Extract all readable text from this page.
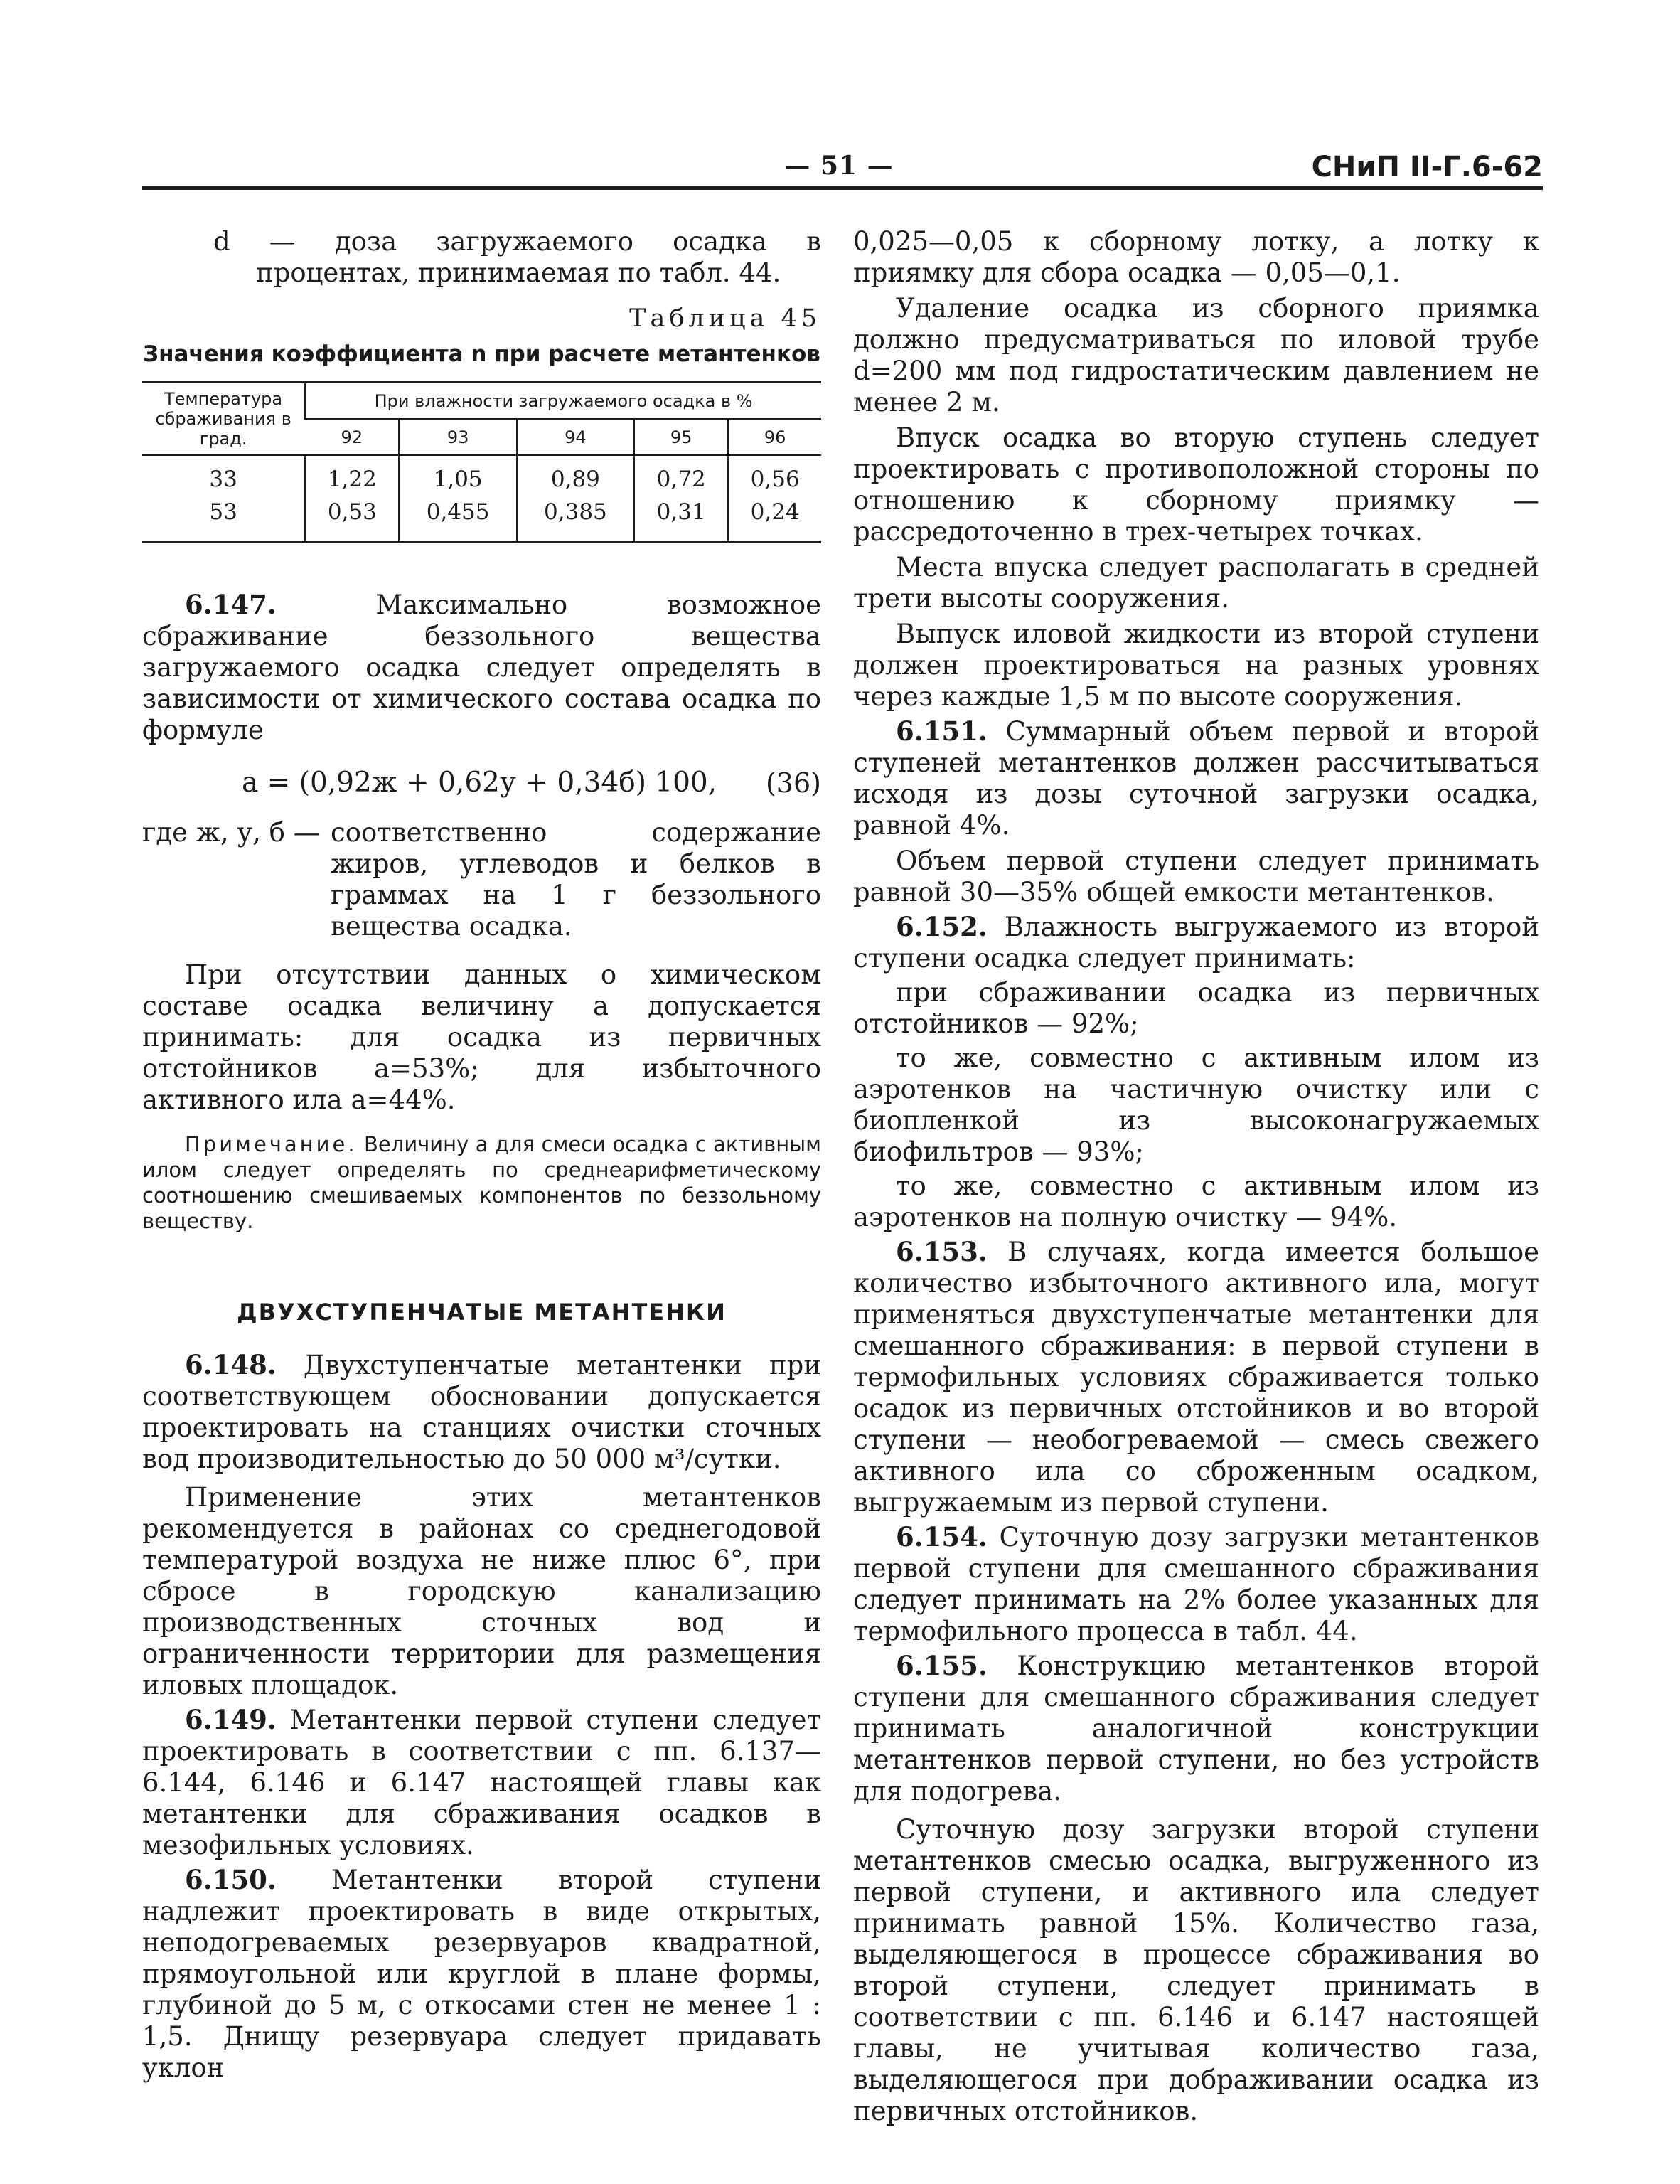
— 51 —	СНиП II-Г.6-62

d — доза загружаемого осадка в процентах, принимаемая по табл. 44.

Таблица 45

Значения коэффициента n при расчете метантенков

Температура сбраживания в град.	При влажности загружаемого осадка в %				
	92	93	94	95	96
33	1,22	1,05	0,89	0,72	0,56
53	0,53	0,455	0,385	0,31	0,24

6.147. Максимально возможное сбраживание беззольного вещества загружаемого осадка следует определять в зависимости от химического состава осадка по формуле

a = (0,92ж + 0,62у + 0,34б) 100, (36)
где ж, у, б — соответственно содержание жиров, углеводов и белков в граммах на 1 г беззольного вещества осадка.

При отсутствии данных о химическом составе осадка величину a допускается принимать: для осадка из первичных отстойников a=53%; для избыточного активного ила a=44%.

Примечание. Величину a для смеси осадка с активным илом следует определять по среднеарифметическому соотношению смешиваемых компонентов по беззольному веществу.

ДВУХСТУПЕНЧАТЫЕ МЕТАНТЕНКИ

6.148. Двухступенчатые метантенки при соответствующем обосновании допускается проектировать на станциях очистки сточных вод производительностью до 50 000 м³/сутки.

Применение этих метантенков рекомендуется в районах со среднегодовой температурой воздуха не ниже плюс 6°, при сбросе в городскую канализацию производственных сточных вод и ограниченности территории для размещения иловых площадок.

6.149. Метантенки первой ступени следует проектировать в соответствии с пп. 6.137—6.144, 6.146 и 6.147 настоящей главы как метантенки для сбраживания осадков в мезофильных условиях.

6.150. Метантенки второй ступени надлежит проектировать в виде открытых, неподогреваемых резервуаров квадратной, прямоугольной или круглой в плане формы, глубиной до 5 м, с откосами стен не менее 1 : 1,5. Днищу резервуара следует придавать уклон

0,025—0,05 к сборному лотку, а лотку к приямку для сбора осадка — 0,05—0,1.

Удаление осадка из сборного приямка должно предусматриваться по иловой трубе d=200 мм под гидростатическим давлением не менее 2 м.

Впуск осадка во вторую ступень следует проектировать с противоположной стороны по отношению к сборному приямку — рассредоточенно в трех-четырех точках.

Места впуска следует располагать в средней трети высоты сооружения.

Выпуск иловой жидкости из второй ступени должен проектироваться на разных уровнях через каждые 1,5 м по высоте сооружения.

6.151. Суммарный объем первой и второй ступеней метантенков должен рассчитываться исходя из дозы суточной загрузки осадка, равной 4%.

Объем первой ступени следует принимать равной 30—35% общей емкости метантенков.

6.152. Влажность выгружаемого из второй ступени осадка следует принимать:

при сбраживании осадка из первичных отстойников — 92%;

то же, совместно с активным илом из аэротенков на частичную очистку или с биопленкой из высоконагружаемых биофильтров — 93%;

то же, совместно с активным илом из аэротенков на полную очистку — 94%.

6.153. В случаях, когда имеется большое количество избыточного активного ила, могут применяться двухступенчатые метантенки для смешанного сбраживания: в первой ступени в термофильных условиях сбраживается только осадок из первичных отстойников и во второй ступени — необогреваемой — смесь свежего активного ила со сброженным осадком, выгружаемым из первой ступени.

6.154. Суточную дозу загрузки метантенков первой ступени для смешанного сбраживания следует принимать на 2% более указанных для термофильного процесса в табл. 44.

6.155. Конструкцию метантенков второй ступени для смешанного сбраживания следует принимать аналогичной конструкции метантенков первой ступени, но без устройств для подогрева.

Суточную дозу загрузки второй ступени метантенков смесью осадка, выгруженного из первой ступени, и активного ила следует принимать равной 15%. Количество газа, выделяющегося в процессе сбраживания во второй ступени, следует принимать в соответствии с пп. 6.146 и 6.147 настоящей главы, не учитывая количество газа, выделяющегося при дображивании осадка из первичных отстойников.
